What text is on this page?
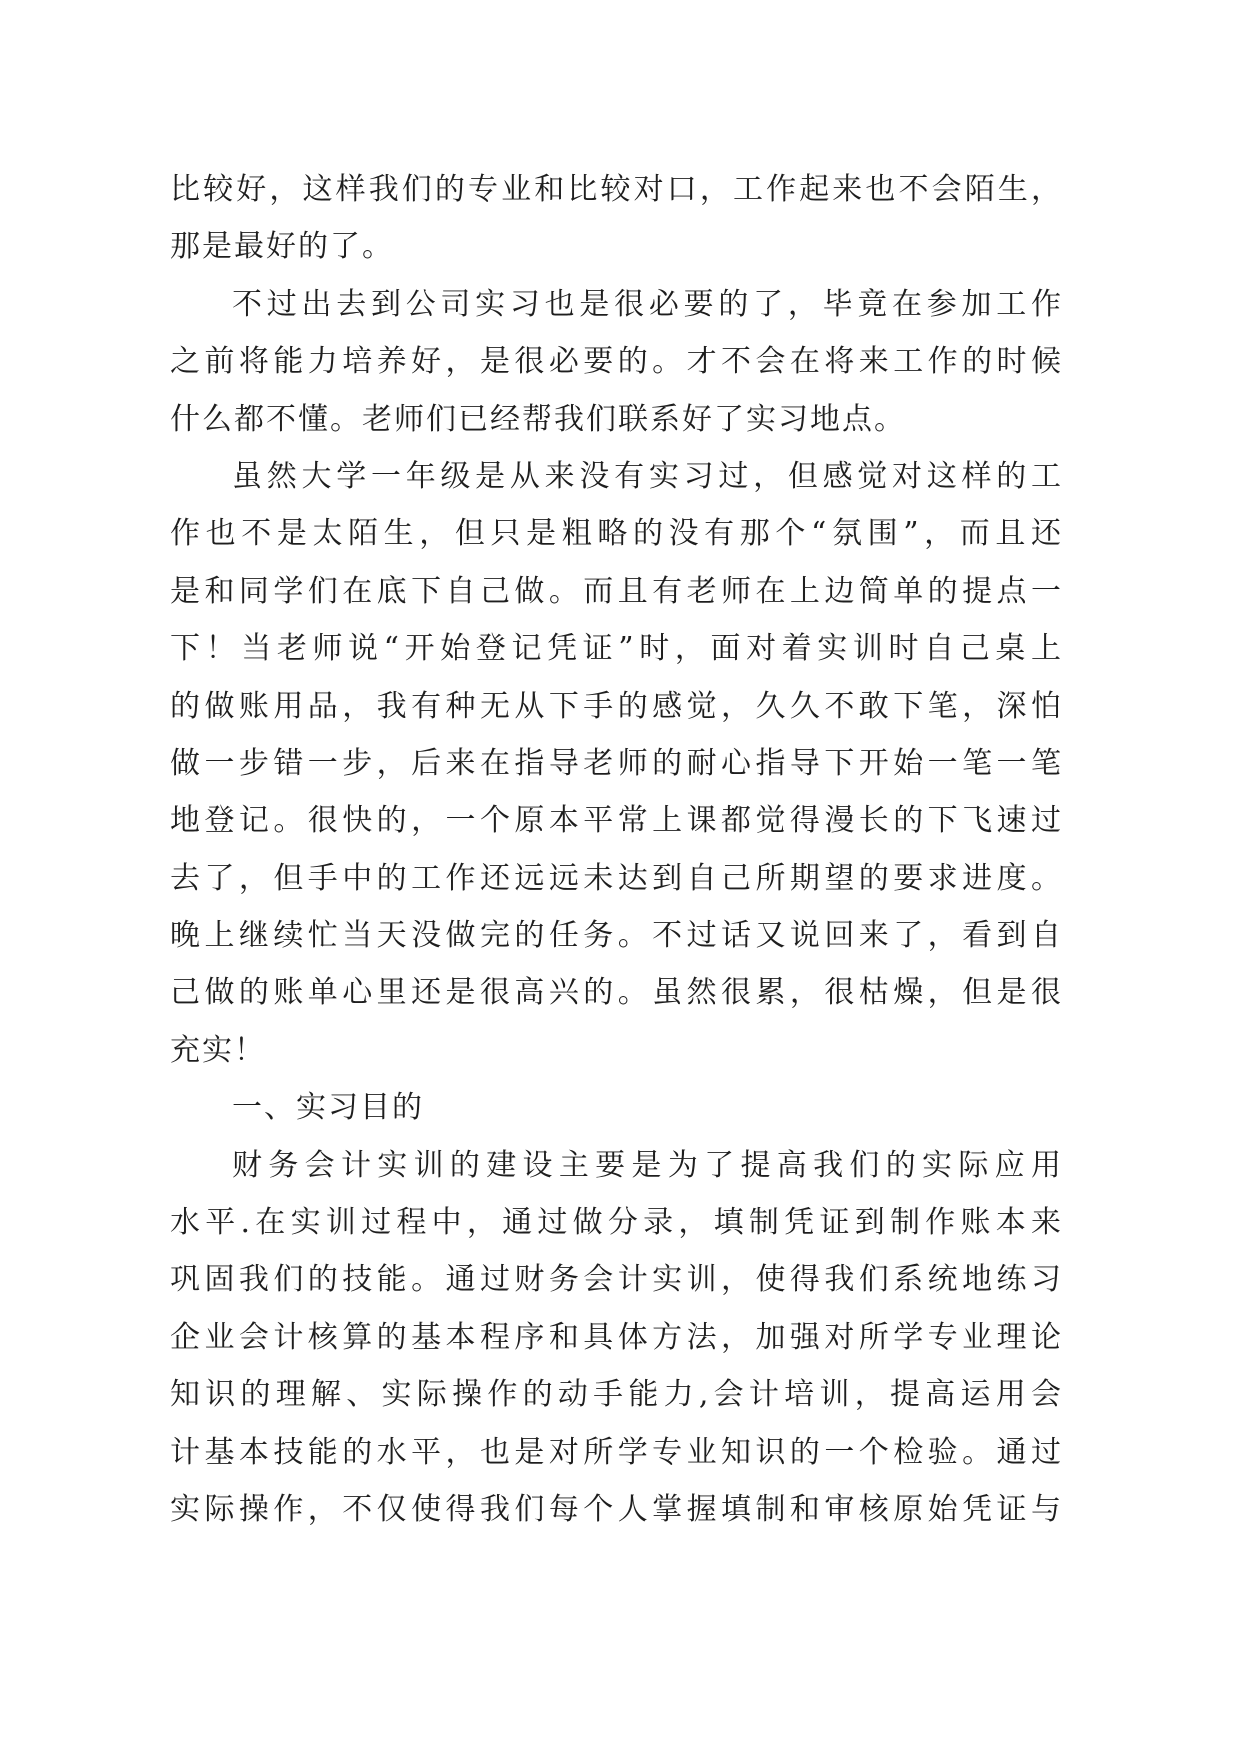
比较好，这样我们的专业和比较对口，工作起来也不会陌生，
那是最好的了。
不过出去到公司实习也是很必要的了，毕竟在参加工作
之前将能力培养好，是很必要的。才不会在将来工作的时候
什么都不懂。老师们已经帮我们联系好了实习地点。
虽然大学一年级是从来没有实习过，但感觉对这样的工
作也不是太陌生，但只是粗略的没有那个“氛围”，而且还
是和同学们在底下自己做。而且有老师在上边简单的提点一
下！当老师说“开始登记凭证”时，面对着实训时自己桌上
的做账用品，我有种无从下手的感觉，久久不敢下笔，深怕
做一步错一步，后来在指导老师的耐心指导下开始一笔一笔
地登记。很快的，一个原本平常上课都觉得漫长的下飞速过
去了，但手中的工作还远远未达到自己所期望的要求进度。
晚上继续忙当天没做完的任务。不过话又说回来了，看到自
己做的账单心里还是很高兴的。虽然很累，很枯燥，但是很
充实！
一、实习目的
财务会计实训的建设主要是为了提高我们的实际应用
水平.在实训过程中，通过做分录，填制凭证到制作账本来
巩固我们的技能。通过财务会计实训，使得我们系统地练习
企业会计核算的基本程序和具体方法，加强对所学专业理论
知识的理解、实际操作的动手能力,会计培训，提高运用会
计基本技能的水平，也是对所学专业知识的一个检验。通过
实际操作，不仅使得我们每个人掌握填制和审核原始凭证与
